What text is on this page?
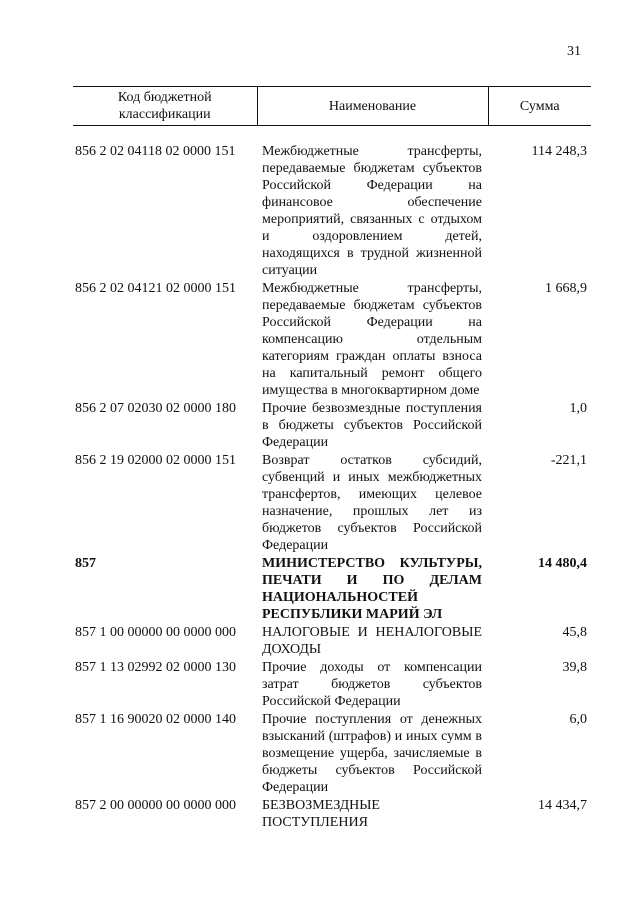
31
Код бюджетной классификации	Наименование	Сумма
856 2 02 04118 02 0000 151	Межбюджетные трансферты, передаваемые бюджетам субъектов Российской Федерации на финансовое обеспечение мероприятий, связанных с отдыхом и оздоровлением детей, находящихся в трудной жизненной ситуации	114 248,3
856 2 02 04121 02 0000 151	Межбюджетные трансферты, передаваемые бюджетам субъектов Российской Федерации на компенсацию отдельным категориям граждан оплаты взноса на капитальный ремонт общего имущества в многоквартирном доме	1 668,9
856 2 07 02030 02 0000 180	Прочие безвозмездные поступления в бюджеты субъектов Российской Федерации	1,0
856 2 19 02000 02 0000 151	Возврат остатков субсидий, субвенций и иных межбюджетных трансфертов, имеющих целевое назначение, прошлых лет из бюджетов субъектов Российской Федерации	-221,1
857	МИНИСТЕРСТВО КУЛЬТУРЫ, ПЕЧАТИ И ПО ДЕЛАМ НАЦИОНАЛЬНОСТЕЙ РЕСПУБЛИКИ МАРИЙ ЭЛ	14 480,4
857 1 00 00000 00 0000 000	НАЛОГОВЫЕ И НЕНАЛОГОВЫЕ ДОХОДЫ	45,8
857 1 13 02992 02 0000 130	Прочие доходы от компенсации затрат бюджетов субъектов Российской Федерации	39,8
857 1 16 90020 02 0000 140	Прочие поступления от денежных взысканий (штрафов) и иных сумм в возмещение ущерба, зачисляемые в бюджеты субъектов Российской Федерации	6,0
857 2 00 00000 00 0000 000	БЕЗВОЗМЕЗДНЫЕ ПОСТУПЛЕНИЯ	14 434,7
